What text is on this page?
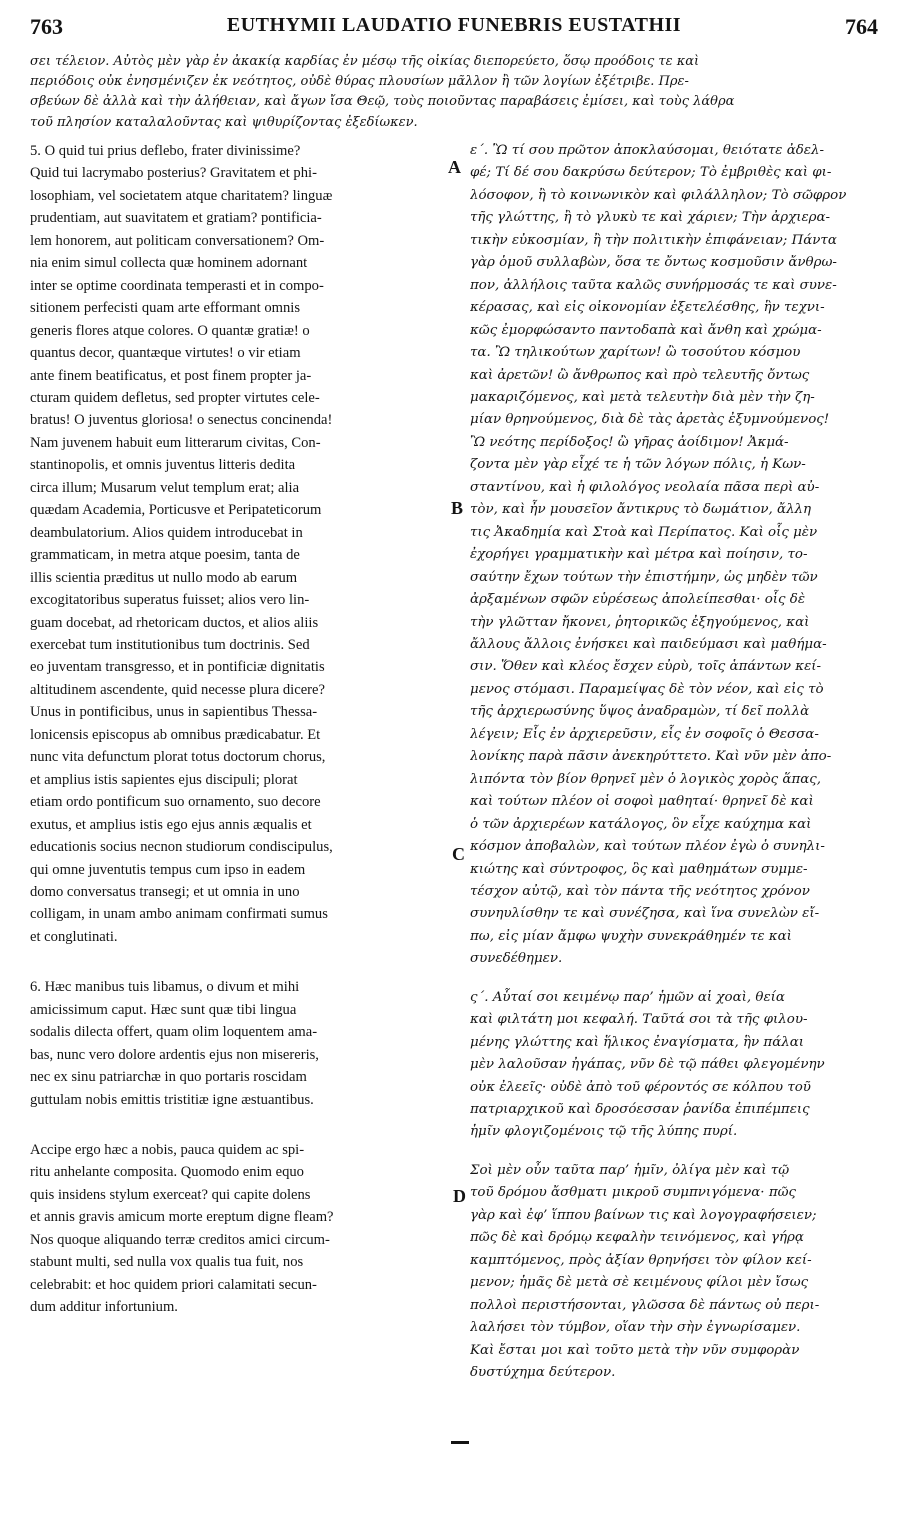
763	EUTHYMII LAUDATIO FUNEBRIS EUSTATHII	764
σει τέλειον. Αὐτὸς μὲν γὰρ ἐν ἀκακίᾳ καρδίας ἐν μέσῳ τῆς οἰκίας διεπορεύετο, ὅσῳ προόδοις τε καὶ
περιόδοις οὐκ ἐνησμένιζεν ἐκ νεότητος, οὐδὲ θύρας πλουσίων μᾶλλον ἢ τῶν λογίων ἐξέτριβε. Πρε-
σβεύων δὲ ἀλλὰ καὶ τὴν ἀλήθειαν, καὶ ἄγων ἴσα Θεῷ, τοὺς ποιοῦντας παραβάσεις ἐμίσει, καὶ τοὺς λάθρα
τοῦ πλησίον καταλαλοῦντας καὶ ψιθυρίζοντας ἐξεδίωκεν.
5. O quid tui prius deflebo, frater divinissime?
Quid tui lacrymabo posterius? Gravitatem et phi-
losophiam, vel societatem atque charitatem? linguæ
prudentiam, aut suavitatem et gratiam? pontificia-
lem honorem, aut politicam conversationem? Om-
nia enim simul collecta quæ hominem adornant
inter se optime coordinata temperasti et in compo-
sitionem perfecisti quam arte efformant omnis
generis flores atque colores. O quantæ gratiæ! o
quantus decor, quantæque virtutes! o vir etiam
ante finem beatificatus, et post finem propter ja-
cturam quidem defletus, sed propter virtutes cele-
bratus! O juventus gloriosa! o senectus concinenda!
Nam juvenem habuit eum litterarum civitas, Con-
stantinopolis, et omnis juventus litteris dedita
circa illum; Musarum velut templum erat; alia
quædam Academia, Porticusve et Peripateticorum
deambulatorium. Alios quidem introducebat in
grammaticam, in metra atque poesim, tanta de
illis scientia præditus ut nullo modo ab earum
excogitatoribus superatus fuisset; alios vero lin-
guam docebat, ad rhetoricam ductos, et alios aliis
exercebat tum institutionibus tum doctrinis. Sed
eo juventam transgresso, et in pontificiæ dignitatis
altitudinem ascendente, quid necesse plura dicere?
Unus in pontificibus, unus in sapientibus Thessa-
lonicensis episcopus ab omnibus prædicabatur. Et
nunc vita defunctum plorat totus doctorum chorus,
et amplius istis sapientes ejus discipuli; plorat
etiam ordo pontificum suo ornamento, suo decore
exutus, et amplius istis ego ejus annis æqualis et
educationis socius necnon studiorum condiscipulus,
qui omne juventutis tempus cum ipso in eadem
domo conversatus transegi; et ut omnia in uno
colligam, in unam ambo animam confirmati sumus
et conglutinati.
6. Hæc manibus tuis libamus, o divum et mihi
amicissimum caput. Hæc sunt quæ tibi lingua
sodalis dilecta offert, quam olim loquentem ama-
bas, nunc vero dolore ardentis ejus non misereris,
nec ex sinu patriarchæ in quo portaris roscidam
guttulam nobis emittis tristitiæ igne æstuantibus.
Accipe ergo hæc a nobis, pauca quidem ac spi-
ritu anhelante composita. Quomodo enim equo
quis insidens stylum exerceat? qui capite dolens
et annis gravis amicum morte ereptum digne fleam?
Nos quoque aliquando terræ creditos amici circum-
stabunt multi, sed nulla vox qualis tua fuit, nos
celebrabit: et hoc quidem priori calamitati secun-
dum additur infortunium.
ε΄. Ὢ τί σου πρῶτον ἀποκλαύσομαι, θειότατε ἀδελ-
φέ; Τί δέ σου δακρύσω δεύτερον; Τὸ ἐμβριθὲς καὶ φι-
λόσοφον, ἢ τὸ κοινωνικὸν καὶ φιλάλληλον; Τὸ σῶφρον
τῆς γλώττης, ἢ τὸ γλυκὺ τε καὶ χάριεν; Τὴν ἀρχιερα-
τικὴν εὐκοσμίαν, ἢ τὴν πολιτικὴν ἐπιφάνειαν; Πάντα
γὰρ ὁμοῦ συλλαβὼν, ὅσα τε ὄντως κοσμοῦσιν ἄνθρω-
πον, ἀλλήλοις ταῦτα καλῶς συνήρμοσάς τε καὶ συνε-
κέρασας, καὶ εἰς οἰκονομίαν ἐξετελέσθης, ἣν τεχνι-
κῶς ἐμορφώσαντο παντοδαπὰ καὶ ἄνθη καὶ χρώμα-
τα. Ὢ τηλικούτων χαρίτων! ὢ τοσούτου κόσμου
καὶ ἀρετῶν! ὢ ἄνθρωπος καὶ πρὸ τελευτῆς ὄντως
μακαριζόμενος, καὶ μετὰ τελευτὴν διὰ μὲν τὴν ζη-
μίαν θρηνούμενος, διὰ δὲ τὰς ἀρετὰς ἐξυμνούμενος!
Ὢ νεότης περίδοξος! ὢ γῆρας ἀοίδιμον! Ἀκμά-
ζοντα μὲν γὰρ εἶχέ τε ἡ τῶν λόγων πόλις, ἡ Κων-
σταντίνου, καὶ ἡ φιλολόγος νεολαία πᾶσα περὶ αὐ-
τὸν, καὶ ἦν μουσεῖον ἄντικρυς τὸ δωμάτιον, ἄλλη
τις Ἀκαδημία καὶ Στοὰ καὶ Περίπατος. Καὶ οἷς μὲν
ἐχορήγει γραμματικὴν καὶ μέτρα καὶ ποίησιν, το-
σαύτην ἔχων τούτων τὴν ἐπιστήμην, ὡς μηδὲν τῶν
ἀρξαμένων σφῶν εὑρέσεως ἀπολείπεσθαι· οἷς δὲ
τὴν γλῶτταν ἤκονει, ῥητορικῶς ἐξηγούμενος, καὶ
ἄλλους ἄλλοις ἐνήσκει καὶ παιδεύμασι καὶ μαθήμα-
σιν. Ὅθεν καὶ κλέος ἔσχεν εὐρὺ, τοῖς ἁπάντων κεί-
μενος στόμασι. Παραμείψας δὲ τὸν νέον, καὶ εἰς τὸ
τῆς ἀρχιερωσύνης ὕψος ἀναδραμὼν, τί δεῖ πολλὰ
λέγειν; Εἷς ἐν ἀρχιερεῦσιν, εἷς ἐν σοφοῖς ὁ Θεσσα-
λονίκης παρὰ πᾶσιν ἀνεκηρύττετο. Καὶ νῦν μὲν ἀπο-
λιπόντα τὸν βίον θρηνεῖ μὲν ὁ λογικὸς χορὸς ἅπας,
καὶ τούτων πλέον οἱ σοφοὶ μαθηταί· θρηνεῖ δὲ καὶ
ὁ τῶν ἀρχιερέων κατάλογος, ὃν εἶχε καύχημα καὶ
κόσμον ἀποβαλὼν, καὶ τούτων πλέον ἐγὼ ὁ συνηλι-
κιώτης καὶ σύντροφος, ὃς καὶ μαθημάτων συμμε-
τέσχον αὐτῷ, καὶ τὸν πάντα τῆς νεότητος χρόνον
συνηυλίσθην τε καὶ συνέζησα, καὶ ἵνα συνελὼν εἴ-
πω, εἰς μίαν ἄμφω ψυχὴν συνεκράθημέν τε καὶ
συνεδέθημεν.
ς΄. Αὗταί σοι κειμένῳ παρ’ ἡμῶν αἱ χοαὶ, θεία
καὶ φιλτάτη μοι κεφαλή. Ταῦτά σοι τὰ τῆς φιλου-
μένης γλώττης καὶ ἥλικος ἐναγίσματα, ἣν πάλαι
μὲν λαλοῦσαν ἠγάπας, νῦν δὲ τῷ πάθει φλεγομένην
οὐκ ἐλεεῖς· οὐδὲ ἀπὸ τοῦ φέροντός σε κόλπου τοῦ
πατριαρχικοῦ καὶ δροσόεσσαν ῥανίδα ἐπιπέμπεις
ἡμῖν φλογιζομένοις τῷ τῆς λύπης πυρί.
Σοὶ μὲν οὖν ταῦτα παρ’ ἡμῖν, ὀλίγα μὲν καὶ τῷ
τοῦ δρόμου ἄσθματι μικροῦ συμπνιγόμενα· πῶς
γὰρ καὶ ἐφ’ ἵππου βαίνων τις καὶ λογογραφήσειεν;
πῶς δὲ καὶ δρόμῳ κεφαλὴν τεινόμενος, καὶ γήρᾳ
καμπτόμενος, πρὸς ἀξίαν θρηνήσει τὸν φίλον κεί-
μενον; ἡμᾶς δὲ μετὰ σὲ κειμένους φίλοι μὲν ἴσως
πολλοὶ περιστήσονται, γλῶσσα δὲ πάντως οὐ περι-
λαλήσει τὸν τύμβον, οἵαν τὴν σὴν ἐγνωρίσαμεν.
Καὶ ἔσται μοι καὶ τοῦτο μετὰ τὴν νῦν συμφορὰν
δυστύχημα δεύτερον.
A
B
C
D
